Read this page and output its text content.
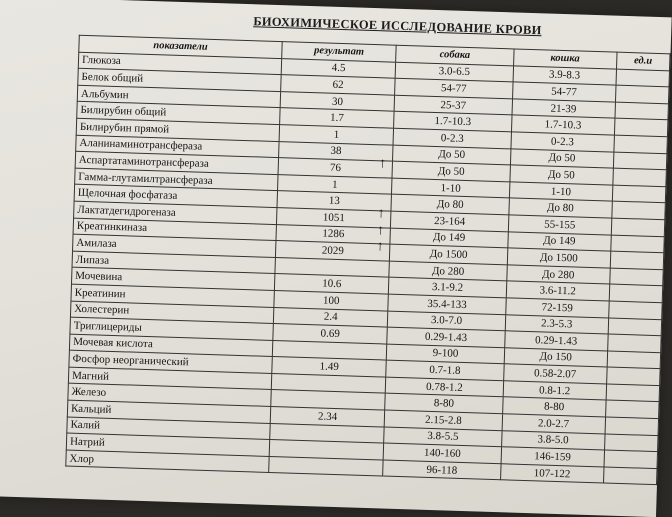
БИОХИМИЧЕСКОЕ ИССЛЕДОВАНИЕ КРОВИ
показатели	результат	собака	кошка	ед.и
Глюкоза	4.5	3.0-6.5	3.9-8.3	
Белок общий	62	54-77	54-77	
Альбумин	30	25-37	21-39	
Билирубин общий	1.7	1.7-10.3	1.7-10.3	
Билирубин прямой	1	0-2.3	0-2.3	
Аланинаминотрансфераза	38	До 50	До 50	
Аспартатаминотрансфераза	76 ↑	До 50	До 50	
Гамма-глутамилтрансфераза	1	1-10	1-10	
Щелочная фосфатаза	13	До 80	До 80	
Лактатдегидрогеназа	1051 ↑	23-164	55-155	
Креатинкиназа	1286 ↑	До 149	До 149	
Амилаза	2029 ↑	До 1500	До 1500	
Липаза		До 280	До 280	
Мочевина	10.6	3.1-9.2	3.6-11.2	
Креатинин	100	35.4-133	72-159	
Холестерин	2.4	3.0-7.0	2.3-5.3	
Триглицериды	0.69	0.29-1.43	0.29-1.43	
Мочевая кислота		9-100	До 150	
Фосфор неорганический	1.49	0.7-1.8	0.58-2.07	
Магний		0.78-1.2	0.8-1.2	
Железо		8-80	8-80	
Кальций	2.34	2.15-2.8	2.0-2.7	
Калий		3.8-5.5	3.8-5.0	
Натрий		140-160	146-159	
Хлор		96-118	107-122	
